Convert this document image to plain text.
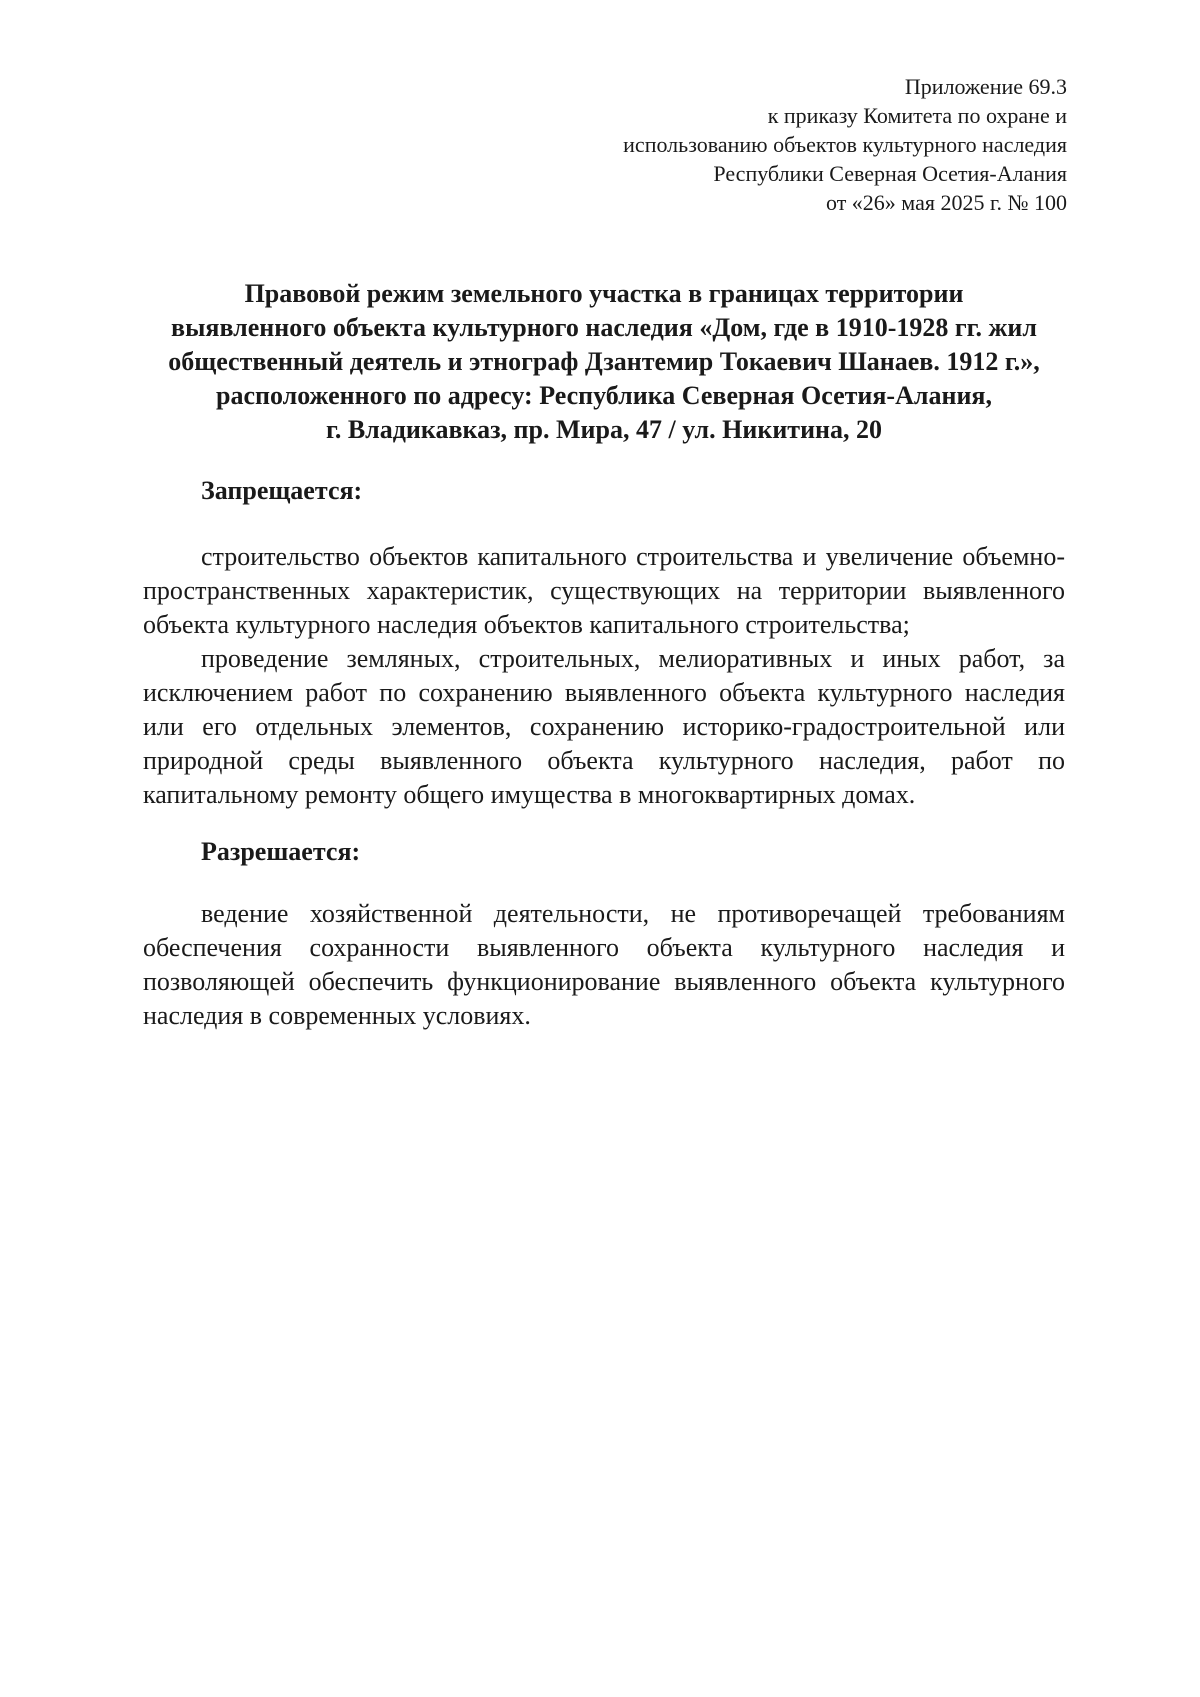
Приложение 69.3
к приказу Комитета по охране и
использованию объектов культурного наследия
Республики Северная Осетия-Алания
от «26» мая 2025 г. № 100
Правовой режим земельного участка в границах территории
выявленного объекта культурного наследия «Дом, где в 1910-1928 гг. жил
общественный деятель и этнограф Дзантемир Токаевич Шанаев. 1912 г.»,
расположенного по адресу: Республика Северная Осетия-Алания,
г. Владикавказ, пр. Мира, 47 / ул. Никитина, 20
Запрещается:

строительство объектов капитального строительства и увеличение объемно-пространственных характеристик, существующих на территории выявленного объекта культурного наследия объектов капитального строительства;

проведение земляных, строительных, мелиоративных и иных работ, за исключением работ по сохранению выявленного объекта культурного наследия или его отдельных элементов, сохранению историко-градостроительной или природной среды выявленного объекта культурного наследия, работ по капитальному ремонту общего имущества в многоквартирных домах.

Разрешается:

ведение хозяйственной деятельности, не противоречащей требованиям обеспечения сохранности выявленного объекта культурного наследия и позволяющей обеспечить функционирование выявленного объекта культурного наследия в современных условиях.
